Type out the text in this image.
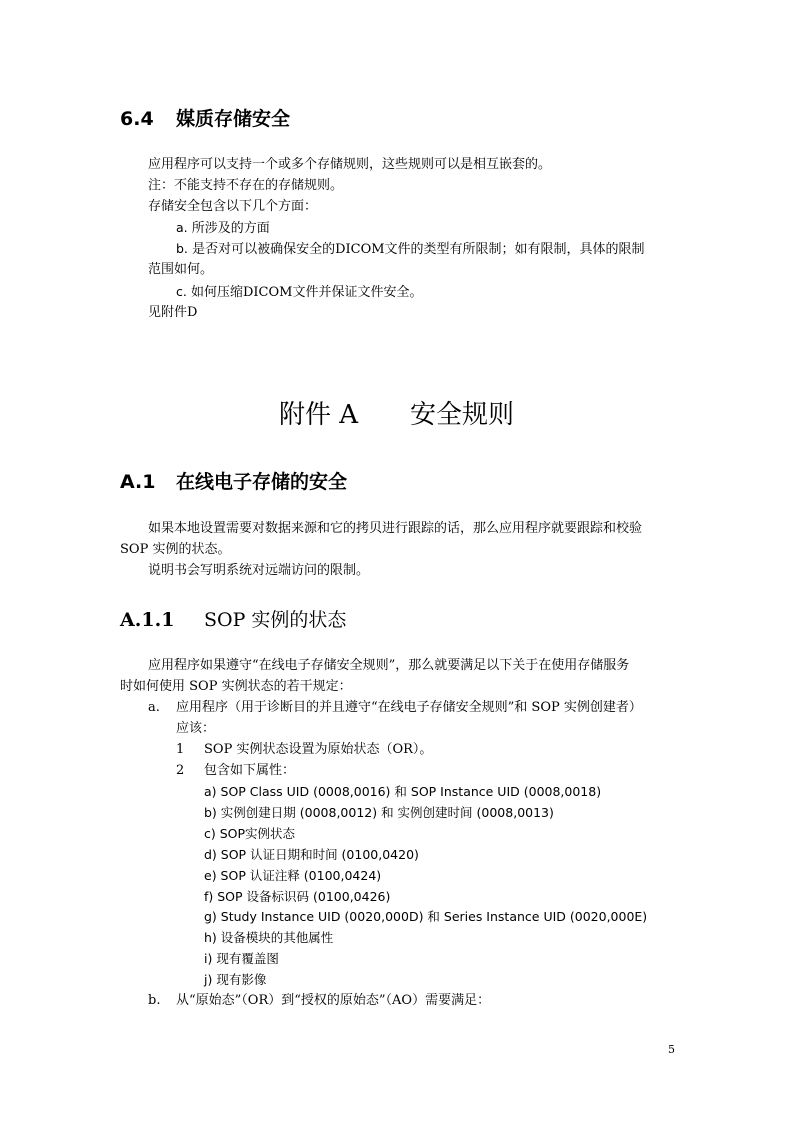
6.4 媒质存储安全
应用程序可以支持一个或多个存储规则，这些规则可以是相互嵌套的。
注：不能支持不存在的存储规则。
存储安全包含以下几个方面：
a. 所涉及的方面
b. 是否对可以被确保安全的DICOM文件的类型有所限制；如有限制，具体的限制
范围如何。
c. 如何压缩DICOM文件并保证文件安全。
见附件D
附件 A 安全规则
A.1 在线电子存储的安全
如果本地设置需要对数据来源和它的拷贝进行跟踪的话，那么应用程序就要跟踪和校验
SOP 实例的状态。
说明书会写明系统对远端访问的限制。
A.1.1 SOP 实例的状态
应用程序如果遵守“在线电子存储安全规则”，那么就要满足以下关于在使用存储服务
时如何使用 SOP 实例状态的若干规定：
a. 应用程序（用于诊断目的并且遵守“在线电子存储安全规则”和 SOP 实例创建者）
应该：
1 SOP 实例状态设置为原始状态（OR）。
2 包含如下属性：
a) SOP Class UID (0008,0016) 和 SOP Instance UID (0008,0018)
b) 实例创建日期 (0008,0012) 和 实例创建时间 (0008,0013)
c) SOP实例状态
d) SOP 认证日期和时间 (0100,0420)
e) SOP 认证注释 (0100,0424)
f) SOP 设备标识码 (0100,0426)
g) Study Instance UID (0020,000D) 和 Series Instance UID (0020,000E)
h) 设备模块的其他属性
i) 现有覆盖图
j) 现有影像
b. 从“原始态”（OR）到“授权的原始态”（AO）需要满足：
5
